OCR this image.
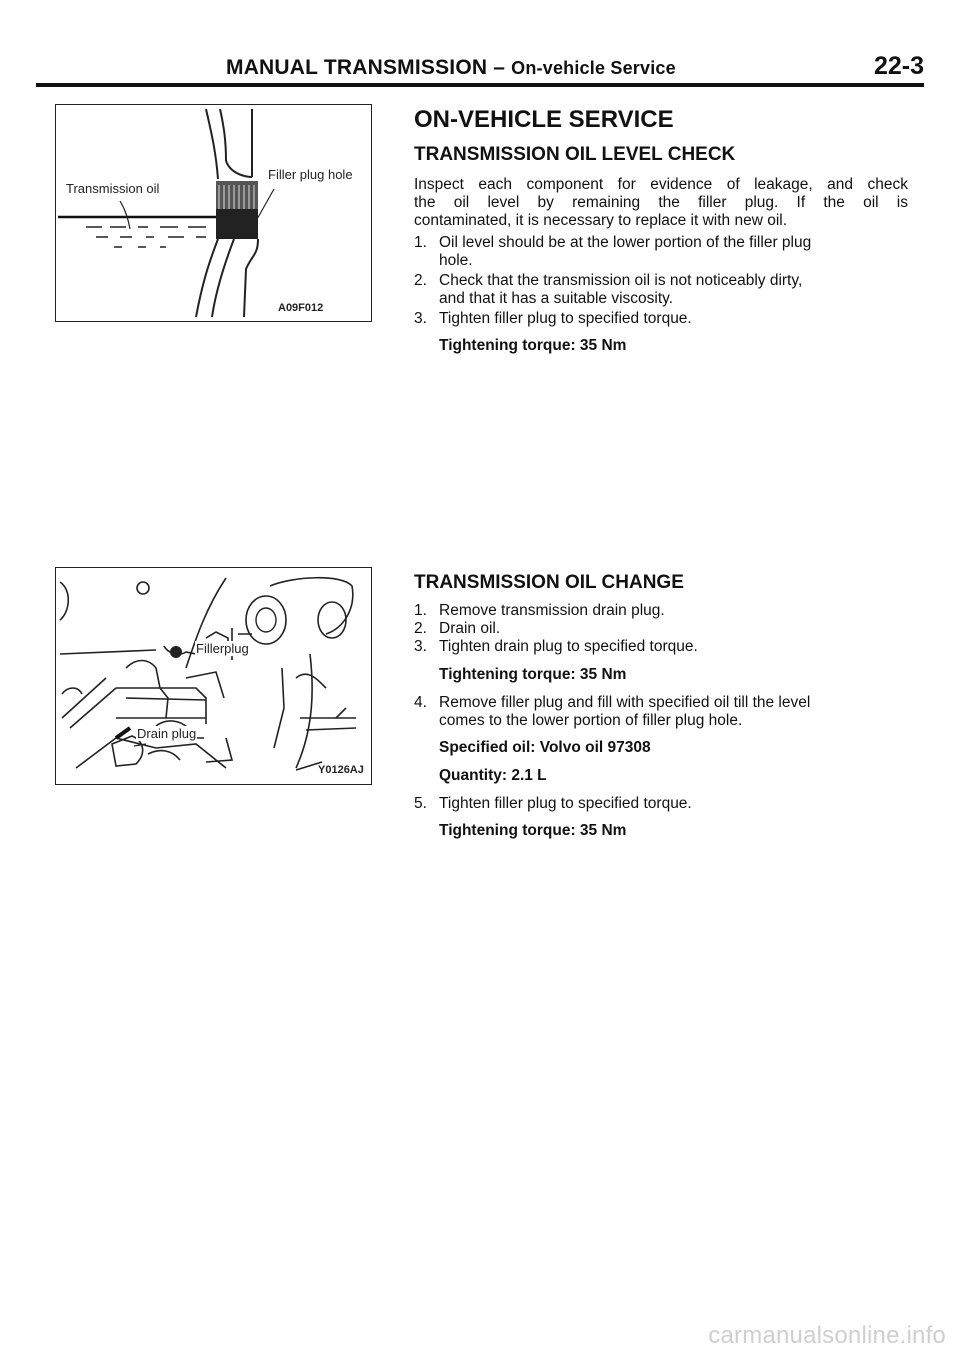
MANUAL TRANSMISSION – On-vehicle Service	22-3
Transmission oil
Filler plug hole
A09F012
Fillerplug
Drain plug
Y0126AJ
ON-VEHICLE SERVICE
TRANSMISSION OIL LEVEL CHECK
Inspect each component for evidence of leakage, and check
the oil level by remaining the filler plug. If the oil is
contaminated, it is necessary to replace it with new oil.
1. Oil level should be at the lower portion of the filler plug
hole.
2. Check that the transmission oil is not noticeably dirty,
and that it has a suitable viscosity.
3. Tighten filler plug to specified torque.
Tightening torque: 35 Nm
TRANSMISSION OIL CHANGE
1. Remove transmission drain plug.
2. Drain oil.
3. Tighten drain plug to specified torque.
Tightening torque: 35 Nm
4. Remove filler plug and fill with specified oil till the level
comes to the lower portion of filler plug hole.
Specified oil: Volvo oil 97308
Quantity: 2.1 L
5. Tighten filler plug to specified torque.
Tightening torque: 35 Nm
carmanualsonline.info
